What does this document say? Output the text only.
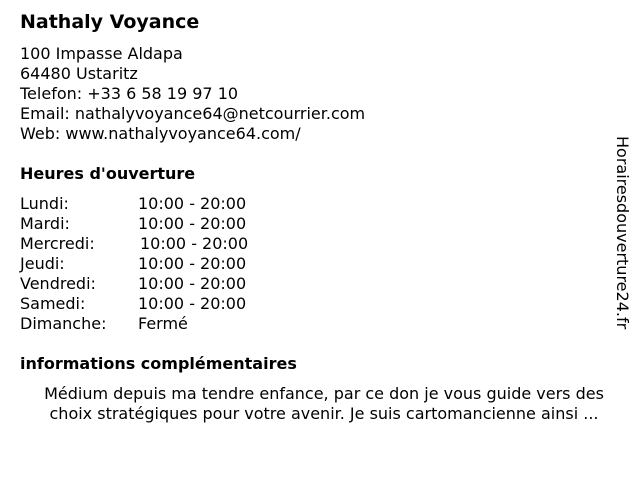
Nathaly Voyance
100 Impasse Aldapa
64480 Ustaritz
Telefon: +33 6 58 19 97 10
Email: nathalyvoyance64@netcourrier.com
Web: www.nathalyvoyance64.com/
Heures d'ouverture
Lundi:	10:00 - 20:00
Mardi:	10:00 - 20:00
Mercredi:	10:00 - 20:00
Jeudi:	10:00 - 20:00
Vendredi:	10:00 - 20:00
Samedi:	10:00 - 20:00
Dimanche: Fermé
informations complémentaires
Médium depuis ma tendre enfance, par ce don je vous guide vers des
choix stratégiques pour votre avenir. Je suis cartomancienne ainsi ...
Horairesdouverture24.fr
